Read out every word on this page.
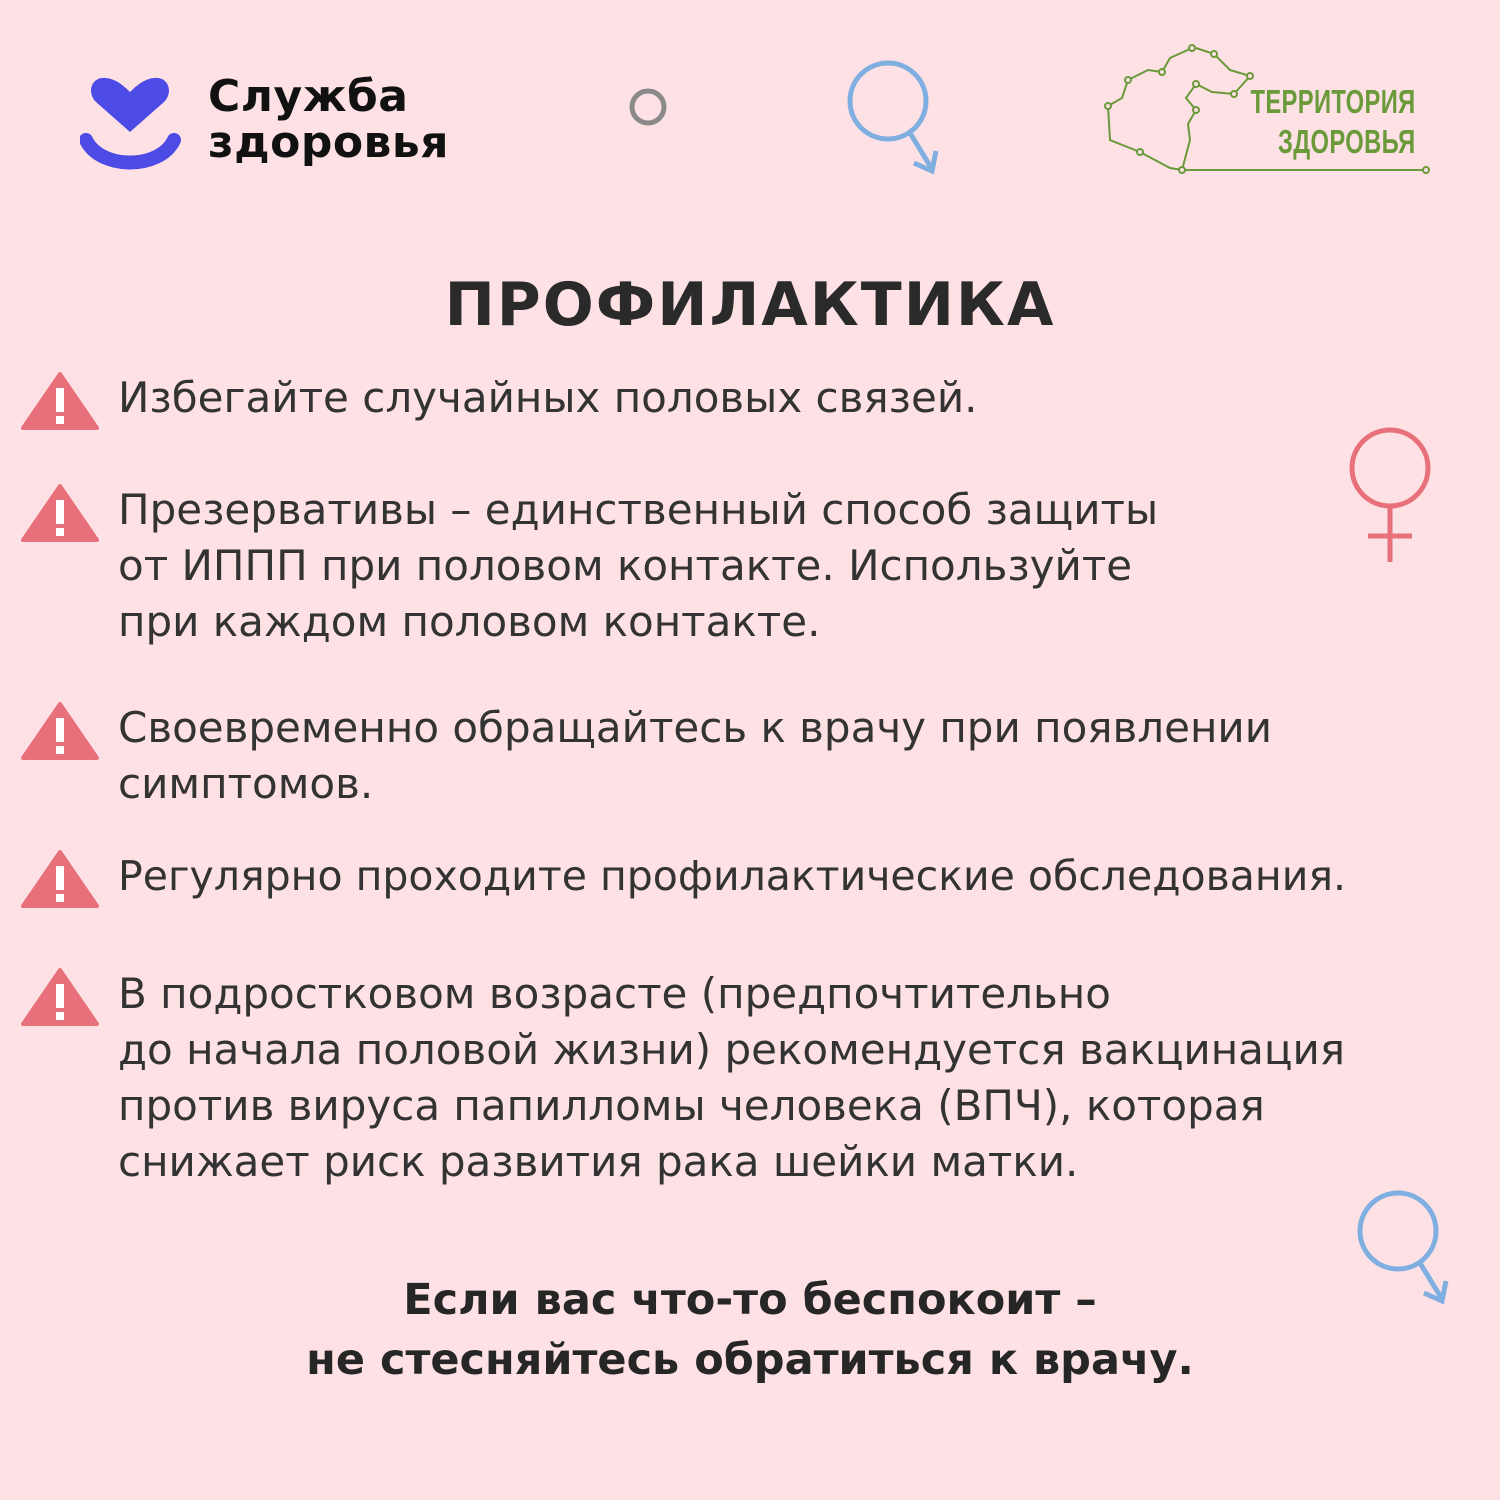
Служба
здоровья
ТЕРРИТОРИЯ
ЗДОРОВЬЯ
ПРОФИЛАКТИКА
Избегайте случайных половых связей.
Презервативы – единственный способ защиты
от ИППП при половом контакте. Используйте
при каждом половом контакте.
Своевременно обращайтесь к врачу при появлении
симптомов.
Регулярно проходите профилактические обследования.
В подростковом возрасте (предпочтительно
до начала половой жизни) рекомендуется вакцинация
против вируса папилломы человека (ВПЧ), которая
снижает риск развития рака шейки матки.
Если вас что-то беспокоит –
не стесняйтесь обратиться к врачу.
